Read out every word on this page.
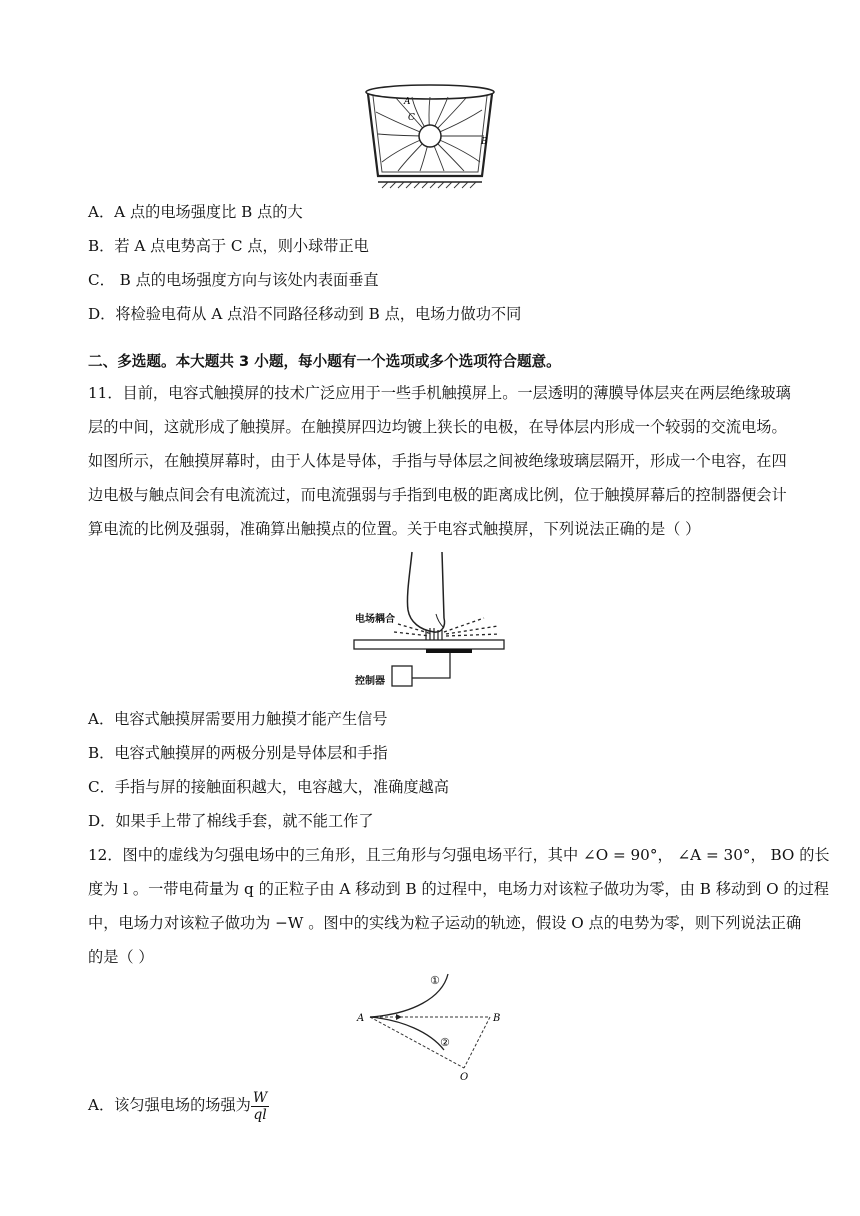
A
C
B
A．A 点的电场强度比 B 点的大
B．若 A 点电势高于 C 点，则小球带正电
C． B 点的电场强度方向与该处内表面垂直
D．将检验电荷从 A 点沿不同路径移动到 B 点，电场力做功不同
二、多选题。本大题共 3 小题，每小题有一个选项或多个选项符合题意。
11．目前，电容式触摸屏的技术广泛应用于一些手机触摸屏上。一层透明的薄膜导体层夹在两层绝缘玻璃
层的中间，这就形成了触摸屏。在触摸屏四边均镀上狭长的电极，在导体层内形成一个较弱的交流电场。
如图所示，在触摸屏幕时，由于人体是导体，手指与导体层之间被绝缘玻璃层隔开，形成一个电容，在四
边电极与触点间会有电流流过，而电流强弱与手指到电极的距离成比例，位于触摸屏幕后的控制器便会计
算电流的比例及强弱，准确算出触摸点的位置。关于电容式触摸屏，下列说法正确的是（ ）
电场耦合
控制器
A．电容式触摸屏需要用力触摸才能产生信号
B．电容式触摸屏的两极分别是导体层和手指
C．手指与屏的接触面积越大，电容越大，准确度越高
D．如果手上带了棉线手套，就不能工作了
12．图中的虚线为匀强电场中的三角形，且三角形与匀强电场平行，其中 ∠O = 90°， ∠A = 30°， BO 的长
度为 l 。一带电荷量为 q 的正粒子由 A 移动到 B 的过程中，电场力对该粒子做功为零，由 B 移动到 O 的过程
中，电场力对该粒子做功为 −W 。图中的实线为粒子运动的轨迹，假设 O 点的电势为零，则下列说法正确
的是（ ）
A	B
O
①
②
A．该匀强电场的场强为 $\frac{W}{ql}$
